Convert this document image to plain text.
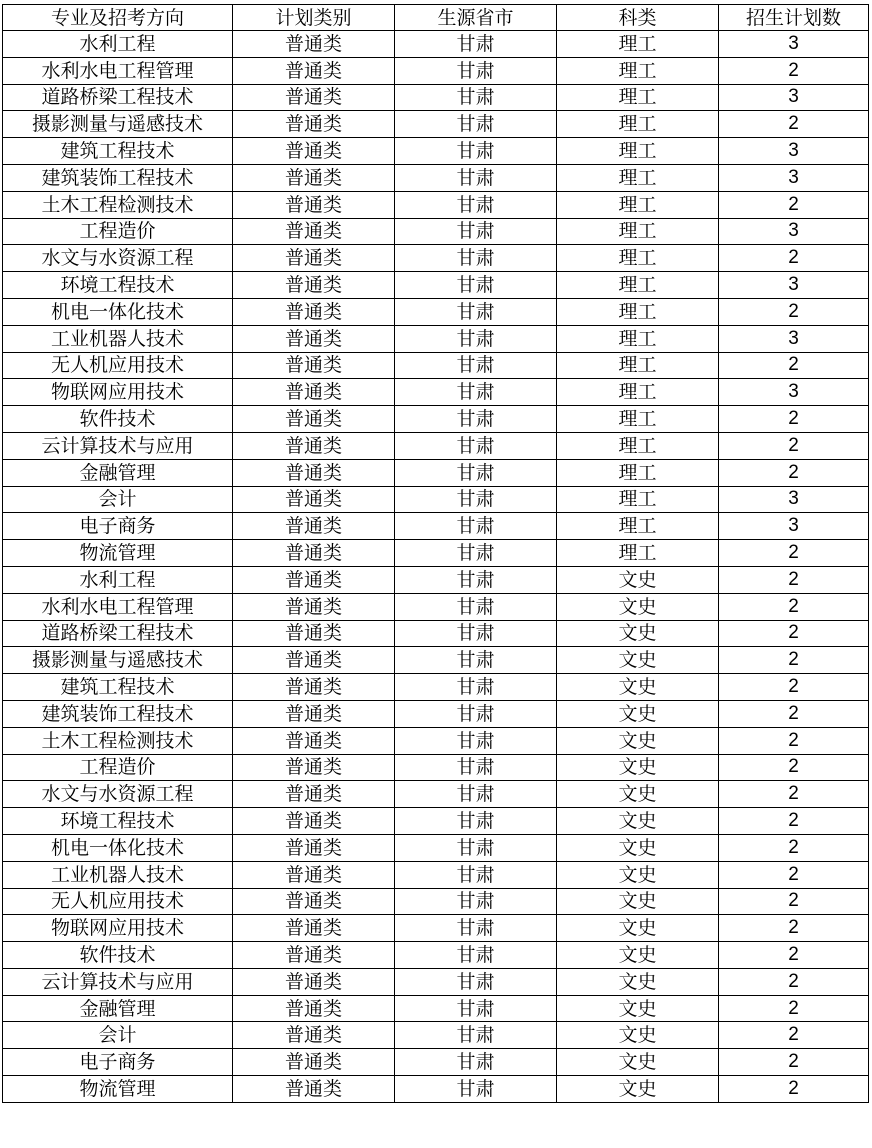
专业及招考方向	计划类别	生源省市	科类	招生计划数
水利工程	普通类	甘肃	理工	3
水利水电工程管理	普通类	甘肃	理工	2
道路桥梁工程技术	普通类	甘肃	理工	3
摄影测量与遥感技术	普通类	甘肃	理工	2
建筑工程技术	普通类	甘肃	理工	3
建筑装饰工程技术	普通类	甘肃	理工	3
土木工程检测技术	普通类	甘肃	理工	2
工程造价	普通类	甘肃	理工	3
水文与水资源工程	普通类	甘肃	理工	2
环境工程技术	普通类	甘肃	理工	3
机电一体化技术	普通类	甘肃	理工	2
工业机器人技术	普通类	甘肃	理工	3
无人机应用技术	普通类	甘肃	理工	2
物联网应用技术	普通类	甘肃	理工	3
软件技术	普通类	甘肃	理工	2
云计算技术与应用	普通类	甘肃	理工	2
金融管理	普通类	甘肃	理工	2
会计	普通类	甘肃	理工	3
电子商务	普通类	甘肃	理工	3
物流管理	普通类	甘肃	理工	2
水利工程	普通类	甘肃	文史	2
水利水电工程管理	普通类	甘肃	文史	2
道路桥梁工程技术	普通类	甘肃	文史	2
摄影测量与遥感技术	普通类	甘肃	文史	2
建筑工程技术	普通类	甘肃	文史	2
建筑装饰工程技术	普通类	甘肃	文史	2
土木工程检测技术	普通类	甘肃	文史	2
工程造价	普通类	甘肃	文史	2
水文与水资源工程	普通类	甘肃	文史	2
环境工程技术	普通类	甘肃	文史	2
机电一体化技术	普通类	甘肃	文史	2
工业机器人技术	普通类	甘肃	文史	2
无人机应用技术	普通类	甘肃	文史	2
物联网应用技术	普通类	甘肃	文史	2
软件技术	普通类	甘肃	文史	2
云计算技术与应用	普通类	甘肃	文史	2
金融管理	普通类	甘肃	文史	2
会计	普通类	甘肃	文史	2
电子商务	普通类	甘肃	文史	2
物流管理	普通类	甘肃	文史	2
